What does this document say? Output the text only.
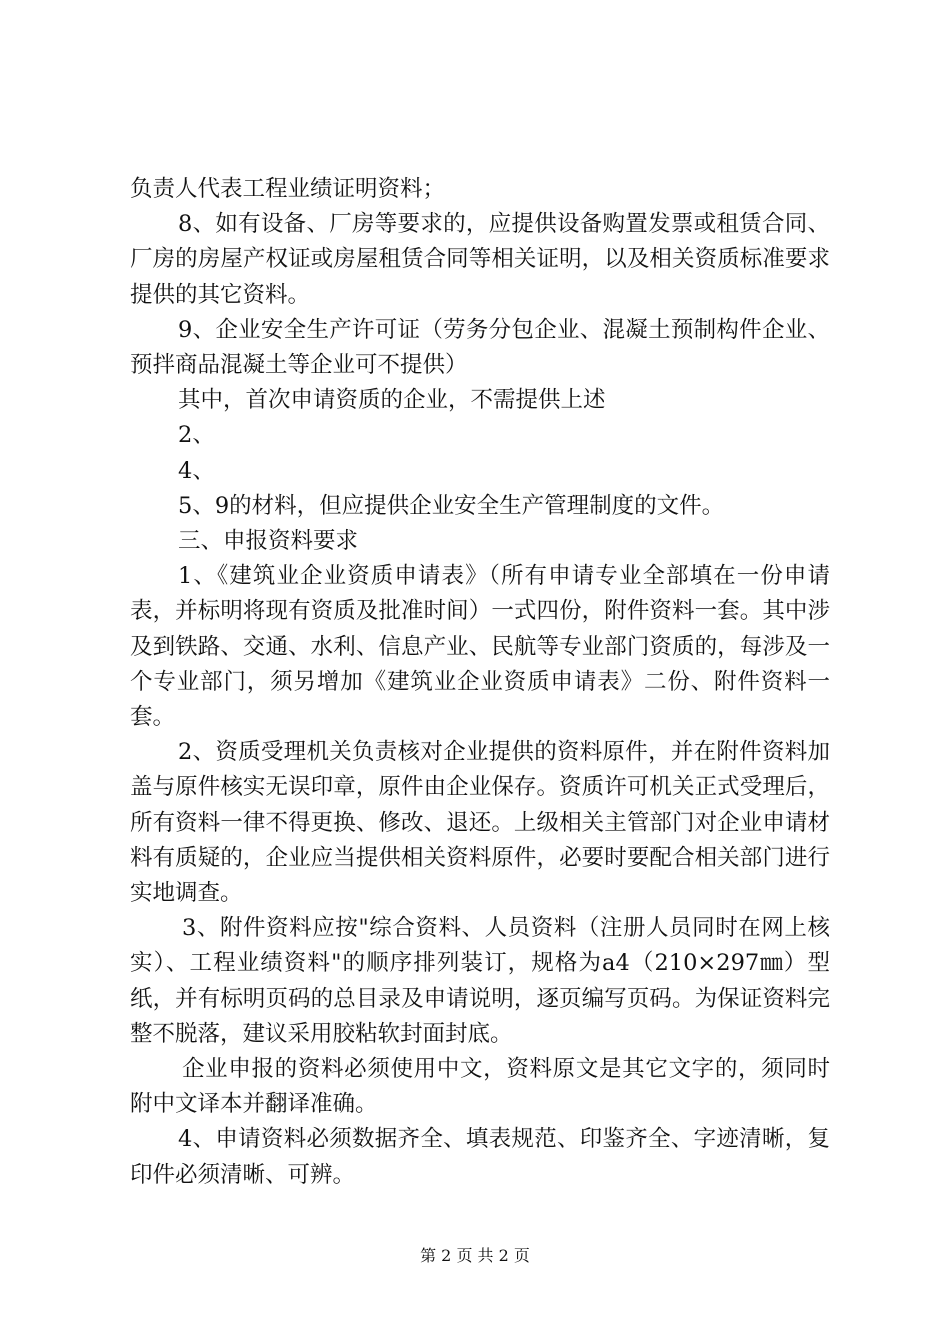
负责人代表工程业绩证明资料；

8、如有设备、厂房等要求的，应提供设备购置发票或租赁合同、厂房的房屋产权证或房屋租赁合同等相关证明，以及相关资质标准要求提供的其它资料。

9、企业安全生产许可证（劳务分包企业、混凝土预制构件企业、预拌商品混凝土等企业可不提供）

其中，首次申请资质的企业，不需提供上述

2、

4、

5、9的材料，但应提供企业安全生产管理制度的文件。

三、申报资料要求

1、《建筑业企业资质申请表》（所有申请专业全部填在一份申请表，并标明将现有资质及批准时间）一式四份，附件资料一套。其中涉及到铁路、交通、水利、信息产业、民航等专业部门资质的，每涉及一个专业部门，须另增加《建筑业企业资质申请表》二份、附件资料一套。

2、资质受理机关负责核对企业提供的资料原件，并在附件资料加盖与原件核实无误印章，原件由企业保存。资质许可机关正式受理后，所有资料一律不得更换、修改、退还。上级相关主管部门对企业申请材料有质疑的，企业应当提供相关资料原件，必要时要配合相关部门进行实地调查。

3、附件资料应按"综合资料、人员资料（注册人员同时在网上核实）、工程业绩资料"的顺序排列装订，规格为a4（210×297㎜）型纸，并有标明页码的总目录及申请说明，逐页编写页码。为保证资料完整不脱落，建议采用胶粘软封面封底。

企业申报的资料必须使用中文，资料原文是其它文字的，须同时附中文译本并翻译准确。

4、申请资料必须数据齐全、填表规范、印鉴齐全、字迹清晰，复印件必须清晰、可辨。

第 2 页 共 2 页
